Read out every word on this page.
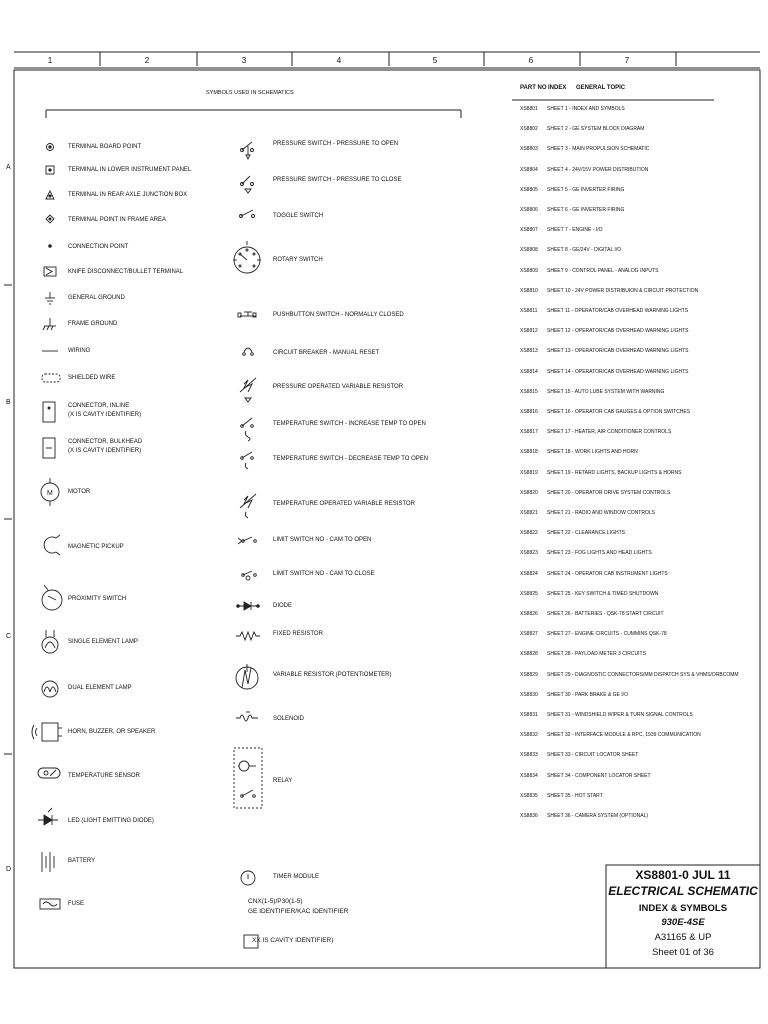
1	2	3	4	5	6	7
A
B
C
D
SYMBOLS USED IN SCHEMATICS
M
TERMINAL BOARD POINT
TERMINAL IN LOWER INSTRUMENT PANEL
TERMINAL IN REAR AXLE JUNCTION BOX
TERMINAL POINT IN FRAME AREA
CONNECTION POINT
KNIFE DISCONNECT/BULLET TERMINAL
GENERAL GROUND
FRAME GROUND
WIRING
SHIELDED WIRE
CONNECTOR, INLINE
(X IS CAVITY IDENTIFIER)
CONNECTOR, BULKHEAD
(X IS CAVITY IDENTIFIER)
MOTOR
MAGNETIC PICKUP
PROXIMITY SWITCH
SINGLE ELEMENT LAMP
DUAL ELEMENT LAMP
HORN, BUZZER, OR SPEAKER
TEMPERATURE SENSOR
LED (LIGHT EMITTING DIODE)
BATTERY
FUSE
PRESSURE SWITCH - PRESSURE TO OPEN
PRESSURE SWITCH - PRESSURE TO CLOSE
TOGGLE SWITCH
ROTARY SWITCH
PUSHBUTTON SWITCH - NORMALLY CLOSED
CIRCUIT BREAKER - MANUAL RESET
PRESSURE OPERATED VARIABLE RESISTOR
TEMPERATURE SWITCH - INCREASE TEMP TO OPEN
TEMPERATURE SWITCH - DECREASE TEMP TO OPEN
TEMPERATURE OPERATED VARIABLE RESISTOR
LIMIT SWITCH NO - CAM TO OPEN
LIMIT SWITCH NO - CAM TO CLOSE
DIODE
FIXED RESISTOR
VARIABLE RESISTOR (POTENTIOMETER)
SOLENOID
RELAY
TIMER MODULE
CNX(1-5)/P30(1-5)
GE IDENTIFIER/KAC IDENTIFIER
XX IS CAVITY IDENTIFIER)
PART NO INDEX GENERAL TOPIC
XS8801 SHEET 1 - INDEX AND SYMBOLS
XS8802 SHEET 2 - GE SYSTEM BLOCK DIAGRAM
XS8803 SHEET 3 - MAIN PROPULSION SCHEMATIC
XS8804 SHEET 4 - 24V/15V POWER DISTRIBUTION
XS8805 SHEET 5 - GE INVERTER FIRING
XS8806 SHEET 6 - GE INVERTER FIRING
XS8807 SHEET 7 - ENGINE - I/O
XS8808 SHEET 8 - GE/24V - DIGITAL I/O
XS8809 SHEET 9 - CONTROL PANEL - ANALOG INPUTS
XS8810 SHEET 10 - 24V POWER DISTRIBUION & CIRCUIT PROTECTION
XS8811 SHEET 11 - OPERATOR/CAB OVERHEAD WARNING LIGHTS
XS8812 SHEET 12 - OPERATOR/CAB OVERHEAD WARNING LIGHTS
XS8813 SHEET 13 - OPERATOR/CAB OVERHEAD WARNING LIGHTS
XS8814 SHEET 14 - OPERATOR/CAB OVERHEAD WARNING LIGHTS
XS8815 SHEET 15 - AUTO LUBE SYSTEM WITH WARNING
XS8816 SHEET 16 - OPERATOR CAB GAUGES & OPTION SWITCHES
XS8817 SHEET 17 - HEATER, AIR CONDITIONER CONTROLS
XS8818 SHEET 18 - WORK LIGHTS AND HORN
XS8819 SHEET 19 - RETARD LIGHTS, BACKUP LIGHTS & HORNS
XS8820 SHEET 20 - OPERATOR DRIVE SYSTEM CONTROLS
XS8821 SHEET 21 - RADIO AND WINDOW CONTROLS
XS8822 SHEET 22 - CLEARANCE LIGHTS
XS8823 SHEET 23 - FOG LIGHTS AND HEAD LIGHTS
XS8824 SHEET 24 - OPERATOR CAB INSTRUMENT LIGHTS
XS8825 SHEET 25 - KEY SWITCH & TIMED SHUTDOWN
XS8826 SHEET 26 - BATTERIES - QSK-78 START CIRCUIT
XS8827 SHEET 27 - ENGINE CIRCUITS - CUMMINS QSK-78
XS8828 SHEET 28 - PAYLOAD METER 3 CIRCUITS
XS8829 SHEET 29 - DIAGNOSTIC CONNECTORS/MM DISPATCH SYS & VHMS/ORBCOMM
XS8830 SHEET 30 - PARK BRAKE & GE I/O
XS8831 SHEET 31 - WINDSHIELD WIPER & TURN SIGNAL CONTROLS
XS8832 SHEET 32 - INTERFACE MODULE & RPC, 1939 COMMUNICATION
XS8833 SHEET 33 - CIRCUIT LOCATOR SHEET
XS8834 SHEET 34 - COMPONENT LOCATOR SHEET
XS8835 SHEET 35 - HOT START
XS8836 SHEET 36 - CAMERA SYSTEM (OPTIONAL)
XS8801-0 JUL 11
ELECTRICAL SCHEMATIC
INDEX & SYMBOLS
930E-4SE
A31165 & UP
Sheet 01 of 36
